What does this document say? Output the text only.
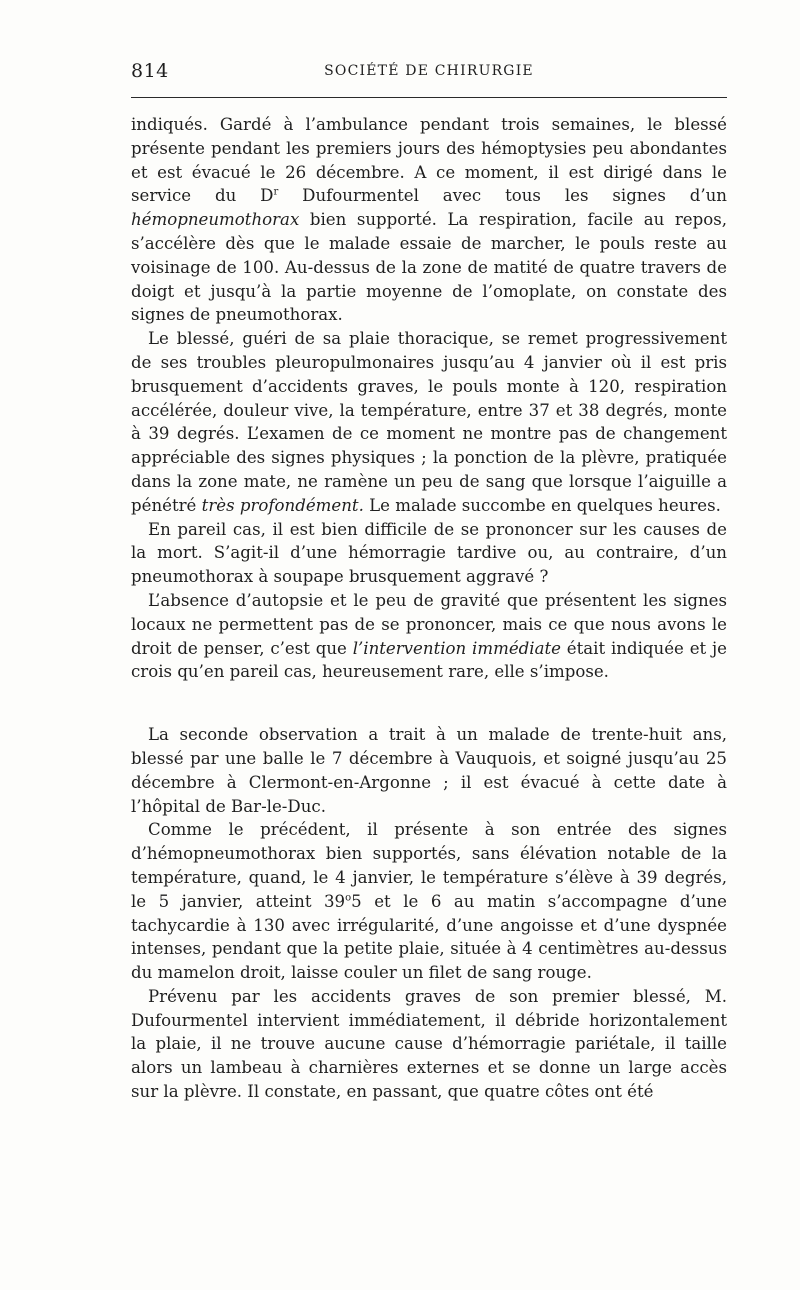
814	SOCIÉTÉ DE CHIRURGIE

indiqués. Gardé à l’ambulance pendant trois semaines, le blessé présente pendant les premiers jours des hémoptysies peu abondantes et est évacué le 26 décembre. A ce moment, il est dirigé dans le service du $D^r$ Dufourmentel avec tous les signes d’un hémopneumothorax bien supporté. La respiration, facile au repos, s’accélère dès que le malade essaie de marcher, le pouls reste au voisinage de 100. Au-dessus de la zone de matité de quatre travers de doigt et jusqu’à la partie moyenne de l’omoplate, on constate des signes de pneumothorax.

Le blessé, guéri de sa plaie thoracique, se remet progressivement de ses troubles pleuropulmonaires jusqu’au 4 janvier où il est pris brusquement d’accidents graves, le pouls monte à 120, respiration accélérée, douleur vive, la température, entre 37 et 38 degrés, monte à 39 degrés. L’examen de ce moment ne montre pas de changement appréciable des signes physiques ; la ponction de la plèvre, pratiquée dans la zone mate, ne ramène un peu de sang que lorsque l’aiguille a pénétré très profondément. Le malade succombe en quelques heures.

En pareil cas, il est bien difficile de se prononcer sur les causes de la mort. S’agit-il d’une hémorragie tardive ou, au contraire, d’un pneumothorax à soupape brusquement aggravé ?

L’absence d’autopsie et le peu de gravité que présentent les signes locaux ne permettent pas de se prononcer, mais ce que nous avons le droit de penser, c’est que l’intervention immédiate était indiquée et je crois qu’en pareil cas, heureusement rare, elle s’impose.

La seconde observation a trait à un malade de trente-huit ans, blessé par une balle le 7 décembre à Vauquois, et soigné jusqu’au 25 décembre à Clermont-en-Argonne ; il est évacué à cette date à l’hôpital de Bar-le-Duc.

Comme le précédent, il présente à son entrée des signes d’hémopneumothorax bien supportés, sans élévation notable de la température, quand, le 4 janvier, le température s’élève à 39 degrés, le 5 janvier, atteint 39$^o$5 et le 6 au matin s’accompagne d’une tachycardie à 130 avec irrégularité, d’une angoisse et d’une dyspnée intenses, pendant que la petite plaie, située à 4 centimètres au-dessus du mamelon droit, laisse couler un filet de sang rouge.

Prévenu par les accidents graves de son premier blessé, M. Dufourmentel intervient immédiatement, il débride horizontalement la plaie, il ne trouve aucune cause d’hémorragie pariétale, il taille alors un lambeau à charnières externes et se donne un large accès sur la plèvre. Il constate, en passant, que quatre côtes ont été
